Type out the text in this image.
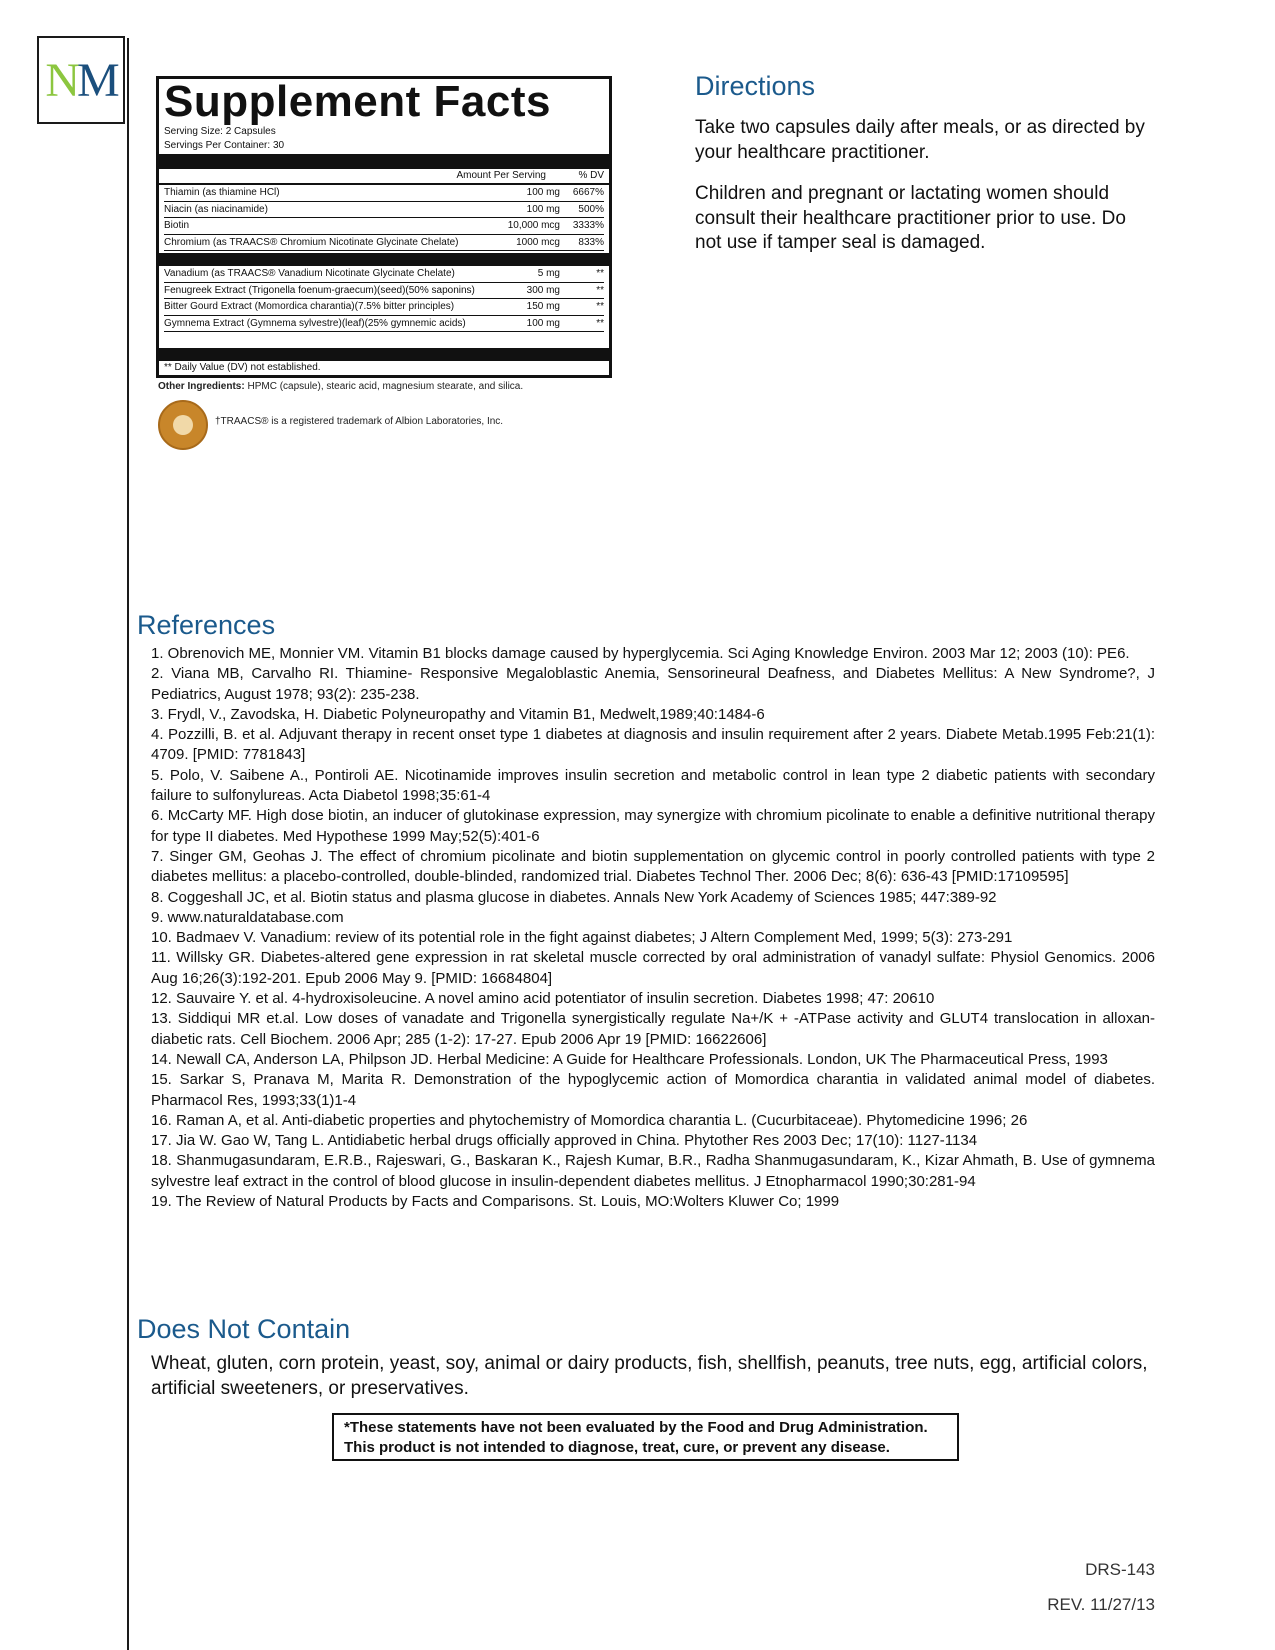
N M Supplement Facts
Serving Size: 2 Capsules
Servings Per Container: 30
Amount Per Serving	% DV
Thiamin (as thiamine HCl)	100 mg	6667%
Niacin (as niacinamide)	100 mg	500%
Biotin	10,000 mcg	3333%
Chromium (as TRAACS® Chromium Nicotinate Glycinate Chelate)	1000 mcg	833%
Vanadium (as TRAACS® Vanadium Nicotinate Glycinate Chelate)	5 mg	**
Fenugreek Extract (Trigonella foenum-graecum)(seed)(50% saponins)	300 mg	**
Bitter Gourd Extract (Momordica charantia)(7.5% bitter principles)	150 mg	**
Gymnema Extract (Gymnema sylvestre)(leaf)(25% gymnemic acids)	100 mg	**
** Daily Value (DV) not established.
Other Ingredients: HPMC (capsule), stearic acid, magnesium stearate, and silica.
†TRAACS® is a registered trademark of Albion Laboratories, Inc.
Directions

Take two capsules daily after meals, or as directed by your healthcare practitioner.

Children and pregnant or lactating women should consult their healthcare practitioner prior to use. Do not use if tamper seal is damaged.

References
1. Obrenovich ME, Monnier VM. Vitamin B1 blocks damage caused by hyperglycemia. Sci Aging Knowledge Environ. 2003 Mar 12; 2003 (10): PE6.
2. Viana MB, Carvalho RI. Thiamine- Responsive Megaloblastic Anemia, Sensorineural Deafness, and Diabetes Mellitus: A New Syndrome?, J Pediatrics, August 1978; 93(2): 235-238.
3. Frydl, V., Zavodska, H. Diabetic Polyneuropathy and Vitamin B1, Medwelt,1989;40:1484-6
4. Pozzilli, B. et al. Adjuvant therapy in recent onset type 1 diabetes at diagnosis and insulin requirement after 2 years. Diabete Metab.1995 Feb:21(1): 4709. [PMID: 7781843]
5. Polo, V. Saibene A., Pontiroli AE. Nicotinamide improves insulin secretion and metabolic control in lean type 2 diabetic patients with secondary failure to sulfonylureas. Acta Diabetol 1998;35:61-4
6. McCarty MF. High dose biotin, an inducer of glutokinase expression, may synergize with chromium picolinate to enable a definitive nutritional therapy for type II diabetes. Med Hypothese 1999 May;52(5):401-6
7. Singer GM, Geohas J. The effect of chromium picolinate and biotin supplementation on glycemic control in poorly controlled patients with type 2 diabetes mellitus: a placebo-controlled, double-blinded, randomized trial. Diabetes Technol Ther. 2006 Dec; 8(6): 636-43 [PMID:17109595]
8. Coggeshall JC, et al. Biotin status and plasma glucose in diabetes. Annals New York Academy of Sciences 1985; 447:389-92
9. www.naturaldatabase.com
10. Badmaev V. Vanadium: review of its potential role in the fight against diabetes; J Altern Complement Med, 1999; 5(3): 273-291
11. Willsky GR. Diabetes-altered gene expression in rat skeletal muscle corrected by oral administration of vanadyl sulfate: Physiol Genomics. 2006 Aug 16;26(3):192-201. Epub 2006 May 9. [PMID: 16684804]
12. Sauvaire Y. et al. 4-hydroxisoleucine. A novel amino acid potentiator of insulin secretion. Diabetes 1998; 47: 20610
13. Siddiqui MR et.al. Low doses of vanadate and Trigonella synergistically regulate Na+/K + -ATPase activity and GLUT4 translocation in alloxan-diabetic rats. Cell Biochem. 2006 Apr; 285 (1-2): 17-27. Epub 2006 Apr 19 [PMID: 16622606]
14. Newall CA, Anderson LA, Philpson JD. Herbal Medicine: A Guide for Healthcare Professionals. London, UK The Pharmaceutical Press, 1993
15. Sarkar S, Pranava M, Marita R. Demonstration of the hypoglycemic action of Momordica charantia in validated animal model of diabetes. Pharmacol Res, 1993;33(1)1-4
16. Raman A, et al. Anti-diabetic properties and phytochemistry of Momordica charantia L. (Cucurbitaceae). Phytomedicine 1996; 26
17. Jia W. Gao W, Tang L. Antidiabetic herbal drugs officially approved in China. Phytother Res 2003 Dec; 17(10): 1127-1134
18. Shanmugasundaram, E.R.B., Rajeswari, G., Baskaran K., Rajesh Kumar, B.R., Radha Shanmugasundaram, K., Kizar Ahmath, B. Use of gymnema sylvestre leaf extract in the control of blood glucose in insulin-dependent diabetes mellitus. J Etnopharmacol 1990;30:281-94
19. The Review of Natural Products by Facts and Comparisons. St. Louis, MO:Wolters Kluwer Co; 1999
Does Not Contain

Wheat, gluten, corn protein, yeast, soy, animal or dairy products, fish, shellfish, peanuts, tree nuts, egg, artificial colors, artificial sweeteners, or preservatives.

*These statements have not been evaluated by the Food and Drug Administration.
This product is not intended to diagnose, treat, cure, or prevent any disease.
DRS-143
REV. 11/27/13
